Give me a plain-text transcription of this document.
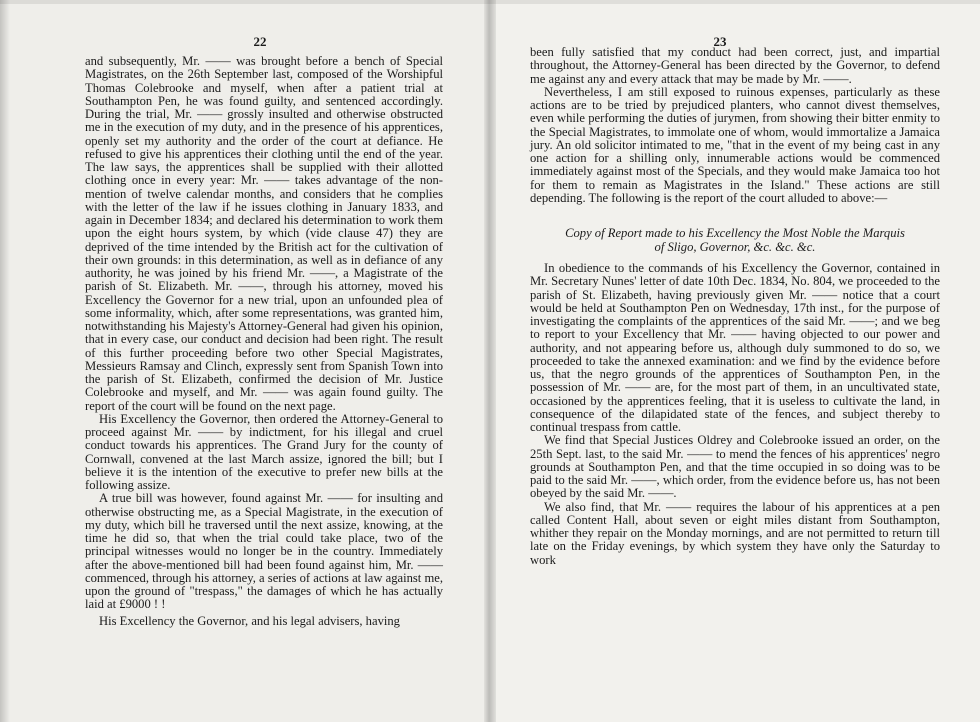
22

and subsequently, Mr. —— was brought before a bench of Special Magistrates, on the 26th September last, composed of the Worshipful Thomas Colebrooke and myself, when after a patient trial at Southampton Pen, he was found guilty, and sentenced accordingly. During the trial, Mr. —— grossly insulted and otherwise obstructed me in the execution of my duty, and in the presence of his apprentices, openly set my authority and the order of the court at defiance. He refused to give his apprentices their clothing until the end of the year. The law says, the apprentices shall be supplied with their allotted clothing once in every year: Mr. —— takes advantage of the non-mention of twelve calendar months, and considers that he complies with the letter of the law if he issues clothing in January 1833, and again in December 1834; and declared his determination to work them upon the eight hours system, by which (vide clause 47) they are deprived of the time intended by the British act for the cultivation of their own grounds: in this determination, as well as in defiance of any authority, he was joined by his friend Mr. ——, a Magistrate of the parish of St. Elizabeth. Mr. ——, through his attorney, moved his Excellency the Governor for a new trial, upon an unfounded plea of some informality, which, after some representations, was granted him, notwithstanding his Majesty's Attorney-General had given his opinion, that in every case, our conduct and decision had been right. The result of this further proceeding before two other Special Magistrates, Messieurs Ramsay and Clinch, expressly sent from Spanish Town into the parish of St. Elizabeth, confirmed the decision of Mr. Justice Colebrooke and myself, and Mr. —— was again found guilty. The report of the court will be found on the next page.

His Excellency the Governor, then ordered the Attorney-General to proceed against Mr. —— by indictment, for his illegal and cruel conduct towards his apprentices. The Grand Jury for the county of Cornwall, convened at the last March assize, ignored the bill; but I believe it is the intention of the executive to prefer new bills at the following assize.

A true bill was however, found against Mr. —— for insulting and otherwise obstructing me, as a Special Magistrate, in the execution of my duty, which bill he traversed until the next assize, knowing, at the time he did so, that when the trial could take place, two of the principal witnesses would no longer be in the country. Immediately after the above-mentioned bill had been found against him, Mr. —— commenced, through his attorney, a series of actions at law against me, upon the ground of "trespass," the damages of which he has actually laid at £9000 ! !

His Excellency the Governor, and his legal advisers, having

23

been fully satisfied that my conduct had been correct, just, and impartial throughout, the Attorney-General has been directed by the Governor, to defend me against any and every attack that may be made by Mr. ——.

Nevertheless, I am still exposed to ruinous expenses, particularly as these actions are to be tried by prejudiced planters, who cannot divest themselves, even while performing the duties of jurymen, from showing their bitter enmity to the Special Magistrates, to immolate one of whom, would immortalize a Jamaica jury. An old solicitor intimated to me, "that in the event of my being cast in any one action for a shilling only, innumerable actions would be commenced immediately against most of the Specials, and they would make Jamaica too hot for them to remain as Magistrates in the Island." These actions are still depending. The following is the report of the court alluded to above:—

Copy of Report made to his Excellency the Most Noble the Marquis of Sligo, Governor, &c. &c. &c.

In obedience to the commands of his Excellency the Governor, contained in Mr. Secretary Nunes' letter of date 10th Dec. 1834, No. 804, we proceeded to the parish of St. Elizabeth, having previously given Mr. —— notice that a court would be held at Southampton Pen on Wednesday, 17th inst., for the purpose of investigating the complaints of the apprentices of the said Mr. ——; and we beg to report to your Excellency that Mr. —— having objected to our power and authority, and not appearing before us, although duly summoned to do so, we proceeded to take the annexed examination: and we find by the evidence before us, that the negro grounds of the apprentices of Southampton Pen, in the possession of Mr. —— are, for the most part of them, in an uncultivated state, occasioned by the apprentices feeling, that it is useless to cultivate the land, in consequence of the dilapidated state of the fences, and subject thereby to continual trespass from cattle.

We find that Special Justices Oldrey and Colebrooke issued an order, on the 25th Sept. last, to the said Mr. —— to mend the fences of his apprentices' negro grounds at Southampton Pen, and that the time occupied in so doing was to be paid to the said Mr. ——, which order, from the evidence before us, has not been obeyed by the said Mr. ——.

We also find, that Mr. —— requires the labour of his apprentices at a pen called Content Hall, about seven or eight miles distant from Southampton, whither they repair on the Monday mornings, and are not permitted to return till late on the Friday evenings, by which system they have only the Saturday to work
